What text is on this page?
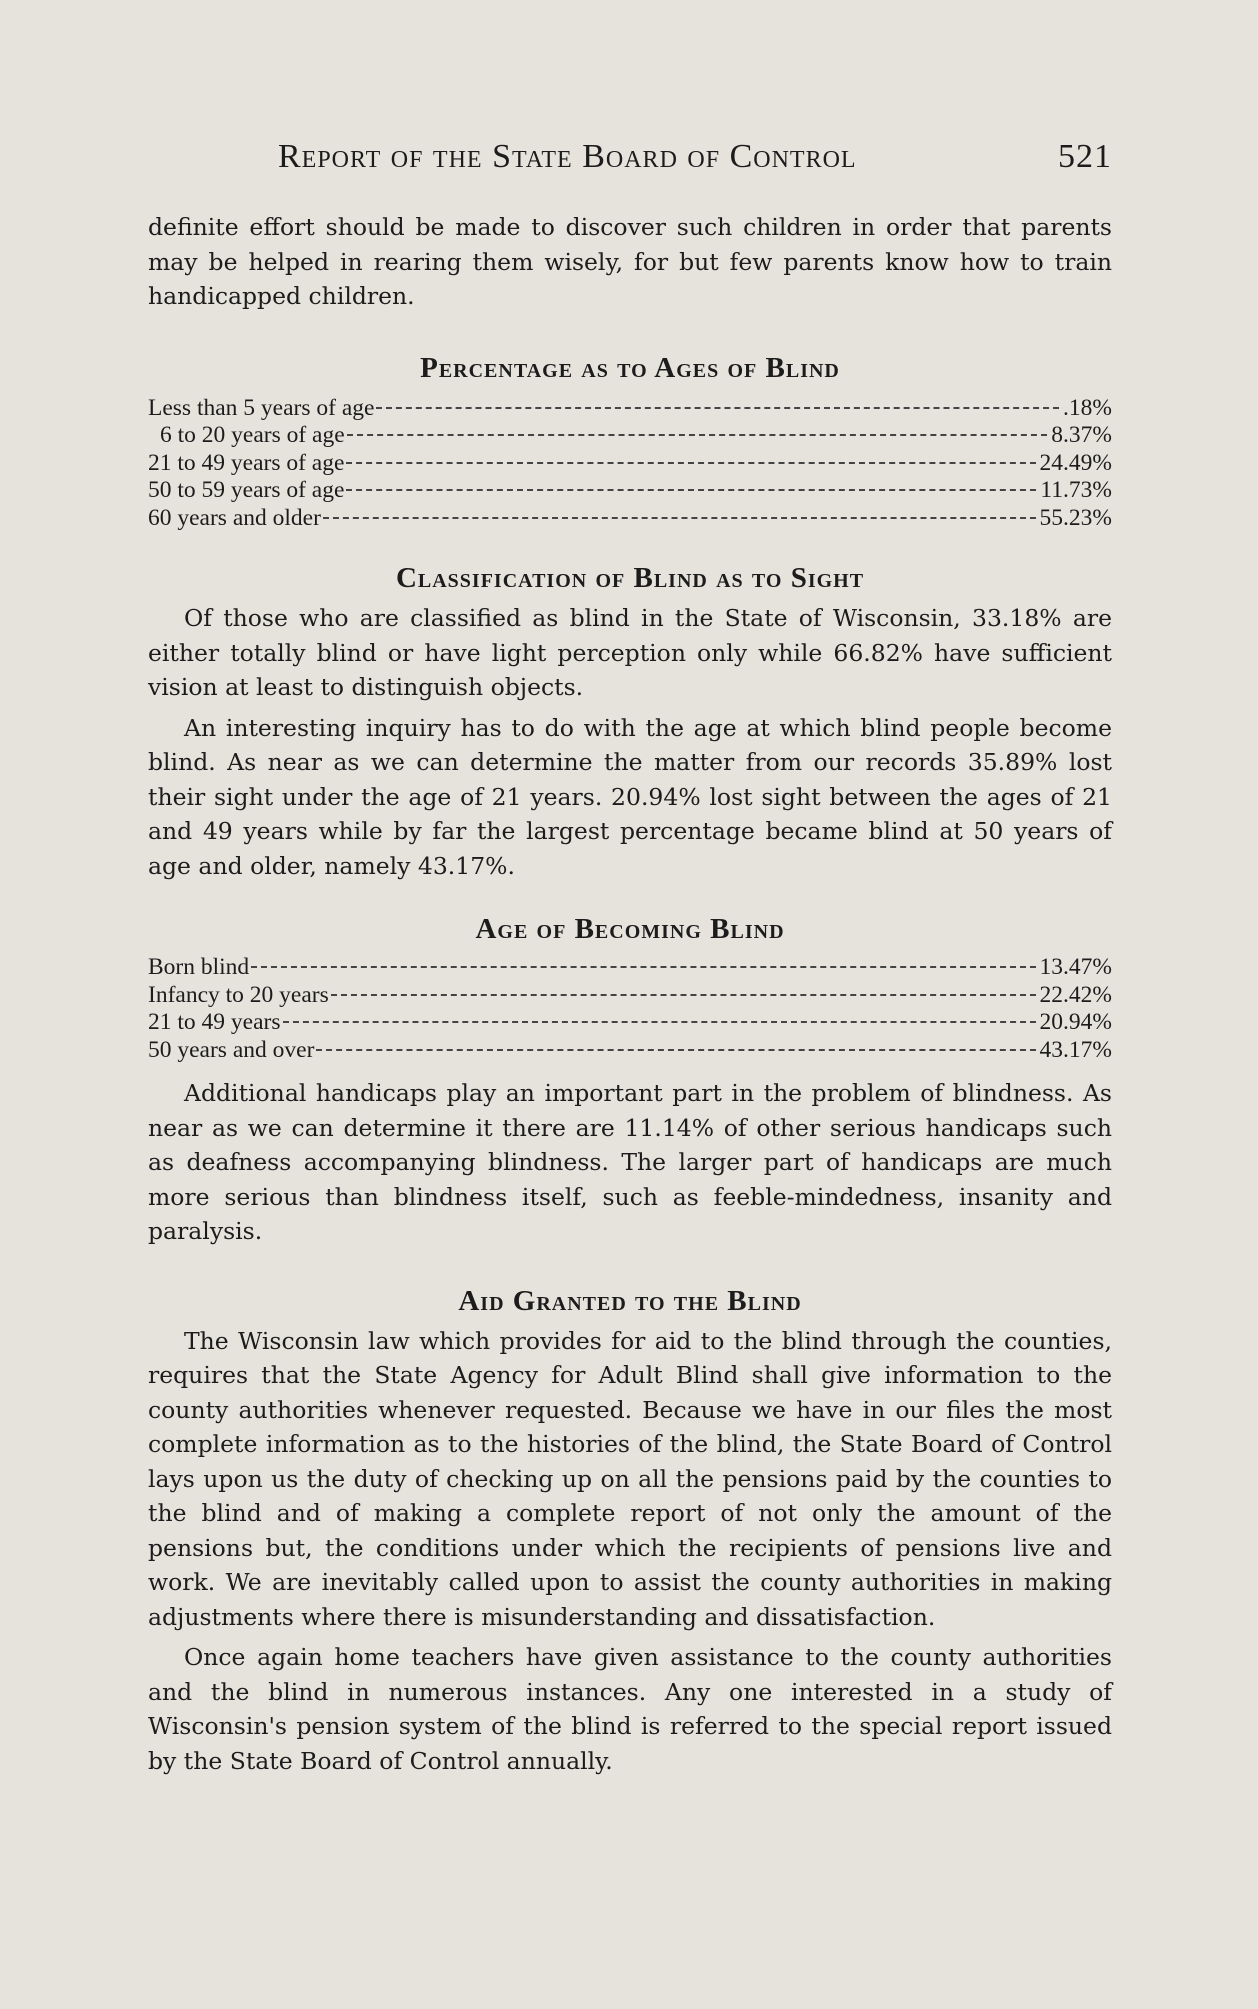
Report of the State Board of Control	521

definite effort should be made to discover such children in order that parents may be helped in rearing them wisely, for but few parents know how to train handicapped children.

Percentage as to Ages of Blind
Less than 5 years of age	.18%
6 to 20 years of age	8.37%
21 to 49 years of age	24.49%
50 to 59 years of age	11.73%
60 years and older	55.23%
Classification of Blind as to Sight

Of those who are classified as blind in the State of Wisconsin, 33.18% are either totally blind or have light perception only while 66.82% have sufficient vision at least to distinguish objects.

An interesting inquiry has to do with the age at which blind people become blind. As near as we can determine the matter from our records 35.89% lost their sight under the age of 21 years. 20.94% lost sight between the ages of 21 and 49 years while by far the largest percentage became blind at 50 years of age and older, namely 43.17%.

Age of Becoming Blind
Born blind	13.47%
Infancy to 20 years	22.42%
21 to 49 years	20.94%
50 years and over	43.17%

Additional handicaps play an important part in the problem of blindness. As near as we can determine it there are 11.14% of other serious handicaps such as deafness accompanying blindness. The larger part of handicaps are much more serious than blindness itself, such as feeble-mindedness, insanity and paralysis.

Aid Granted to the Blind

The Wisconsin law which provides for aid to the blind through the counties, requires that the State Agency for Adult Blind shall give information to the county authorities whenever requested. Because we have in our files the most complete information as to the histories of the blind, the State Board of Control lays upon us the duty of checking up on all the pensions paid by the counties to the blind and of making a complete report of not only the amount of the pensions but, the conditions under which the recipients of pensions live and work. We are inevitably called upon to assist the county authorities in making adjustments where there is misunderstanding and dissatisfaction.

Once again home teachers have given assistance to the county authorities and the blind in numerous instances. Any one interested in a study of Wisconsin's pension system of the blind is referred to the special report issued by the State Board of Control annually.
